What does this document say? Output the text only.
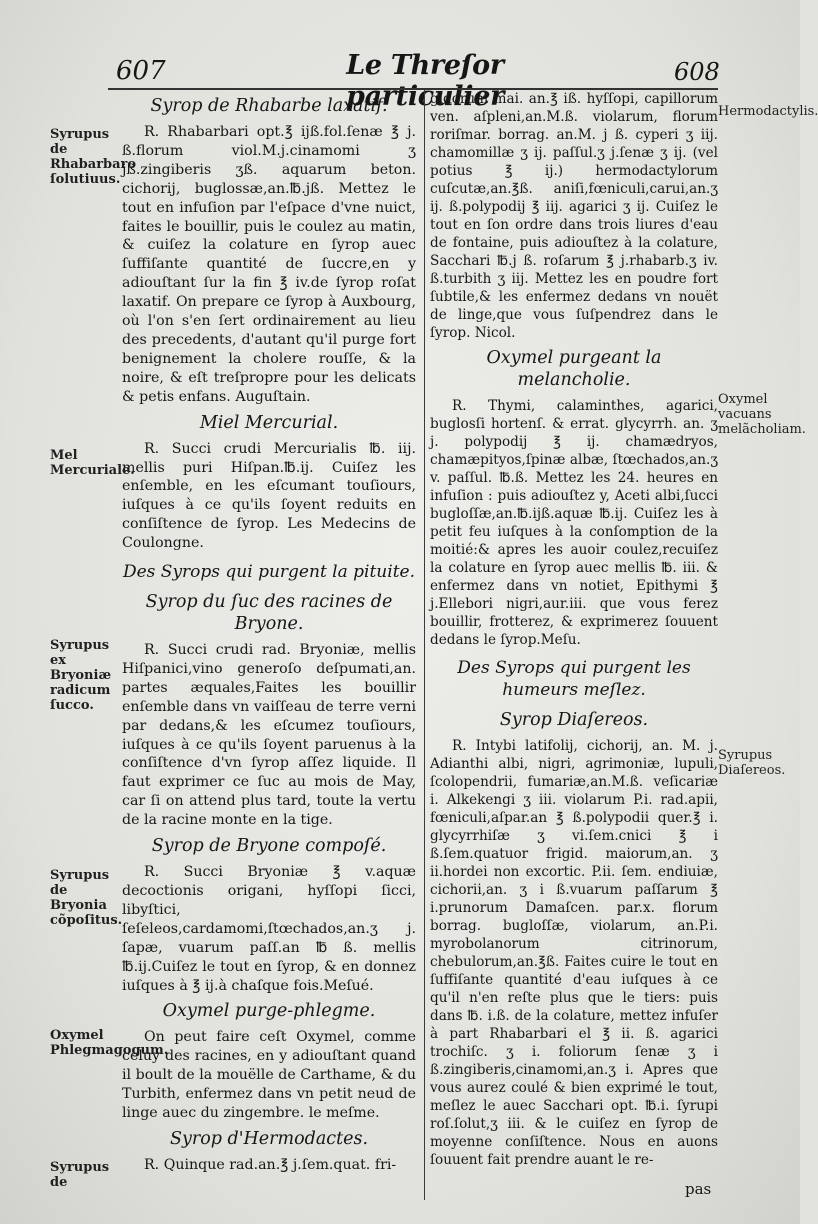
607	Le Threſor particulier
608
Syrop de Rhabarbe laxatif.

R. Rhabarbari opt.℥ ijß.fol.ſenæ ℥ j. ß.florum viol.M.j.cinamomi ʒ jß.zingiberis ʒß. aquarum beton. cichorij, buglossæ,an.℔.jß. Mettez le tout en infuſion par l'eſpace d'vne nuict, faites le bouillir, puis le coulez au matin, & cuiſez la colature en ſyrop auec ſuffiſante quantité de ſuccre,en y adiouſtant ſur la fin ℥ iv.de ſyrop roſat laxatif. On prepare ce ſyrop à Auxbourg, où l'on s'en ſert ordinairement au lieu des precedents, d'autant qu'il purge fort benignement la cholere rouſſe, & la noire, & eſt treſpropre pour les delicats & petis enfans. Auguſtain.

Miel Mercurial.

R. Succi crudi Mercurialis ℔. iij. mellis puri Hiſpan.℔.ij. Cuiſez les enſemble, en les eſcumant touſiours, iuſques à ce qu'ils ſoyent reduits en conſiſtence de ſyrop. Les Medecins de Coulongne.

Des Syrops qui purgent la pituite.
Syrop du ſuc des racines de Bryone.

R. Succi crudi rad. Bryoniæ, mellis Hiſpanici,vino generoſo deſpumati,an. partes æquales,Faites les bouillir enſemble dans vn vaiſſeau de terre verni par dedans,& les eſcumez touſiours, iuſques à ce qu'ils ſoyent paruenus à la conſiſtence d'vn ſyrop aſſez liquide. Il faut exprimer ce ſuc au mois de May, car ſi on attend plus tard, toute la vertu de la racine monte en la tige.

Syrop de Bryone compoſé.

R. Succi Bryoniæ ℥ v.aquæ decoctionis origani, hyſſopi ſicci, libyſtici, ſeſeleos,cardamomi,ſtœchados,an.ʒ j. ſapæ, vuarum paſſ.an ℔ ß. mellis ℔.ij.Cuiſez le tout en ſyrop, & en donnez iuſques à ℥ ij.à chaſque fois.Meſué.

Oxymel purge-phlegme.

On peut faire ceſt Oxymel, comme celuy des racines, en y adiouſtant quand il boult de la mouëlle de Carthame, & du Turbith, enfermez dans vn petit neud de linge auec du zingembre. le meſme.

Syrop d'Hermodactes.

R. Quinque rad.an.℥ j.ſem.quat. fri-

gidorum mai. an.℥ iß. hyſſopi, capillorum ven. aſpleni,an.M.ß. violarum, florum roriſmar. borrag. an.M. j ß. cyperi ʒ iij. chamomillæ ʒ ij. paſſul.ʒ j.ſenæ ʒ ij. (vel potius ℥ ij.) hermodactylorum cuſcutæ,an.℥ß. aniſi,fœniculi,carui,an.ʒ ij. ß.polypodij ℥ iij. agarici ʒ ij. Cuiſez le tout en ſon ordre dans trois liures d'eau de fontaine, puis adiouſtez à la colature, Sacchari ℔.j ß. roſarum ℥ j.rhabarb.ʒ iv. ß.turbith ʒ iij. Mettez les en poudre fort ſubtile,& les enfermez dedans vn nouët de linge,que vous ſuſpendrez dans le ſyrop. Nicol.

Oxymel purgeant la melancholie.

R. Thymi, calaminthes, agarici, buglosſi hortenſ. & errat. glycyrrh. an. ʒ j. polypodij ℥ ij. chamædryos, chamæpityos,ſpinæ albæ, ſtœchados,an.ʒ v. paſſul. ℔.ß. Mettez les 24. heures en infuſion : puis adiouſtez y, Aceti albi,ſucci bugloſſæ,an.℔.ijß.aquæ ℔.ij. Cuiſez les à petit feu iuſques à la conſomption de la moitié:& apres les auoir coulez,recuiſez la colature en ſyrop auec mellis ℔. iii. & enfermez dans vn notiet, Epithymi ℥ j.Ellebori nigri,aur.iii. que vous ferez bouillir, frotterez, & exprimerez ſouuent dedans le ſyrop.Meſu.

Des Syrops qui purgent les humeurs meſlez.
Syrop Diaſereos.

R. Intybi latifolij, cichorij, an. M. j. Adianthi albi, nigri, agrimoniæ, lupuli, ſcolopendrii, fumariæ,an.M.ß. veſicariæ i. Alkekengi ʒ iii. violarum P.i. rad.apii, fœniculi,aſpar.an ℥ ß.polypodii quer.℥ i. glycyrrhiſæ ʒ vi.ſem.cnici ℥ i ß.ſem.quatuor frigid. maiorum,an. ʒ ii.hordei non excortic. P.ii. ſem. endiuiæ, cichorii,an. ʒ i ß.vuarum paſſarum ℥ i.prunorum Damaſcen. par.x. florum borrag. bugloſſæ, violarum, an.P.i. myrobolanorum citrinorum, chebulorum,an.℥ß. Faites cuire le tout en ſuffiſante quantité d'eau iuſques à ce qu'il n'en reſte plus que le tiers: puis dans ℔. i.ß. de la colature, mettez infuſer à part Rhabarbari el ℥ ii. ß. agarici trochiſc. ʒ i. foliorum ſenæ ʒ i ß.zingiberis,cinamomi,an.ʒ i. Apres que vous aurez coulé & bien exprimé le tout, meſlez le auec Sacchari opt. ℔.i. ſyrupi roſ.ſolut,ʒ iii. & le cuiſez en ſyrop de moyenne conſiſtence. Nous en auons ſouuent fait prendre auant le re-

pas
Syrupus de Rhabarbaro ſolutiuus.
Mel Mercuriale.
Syrupus ex Bryoniæ radicum ſucco.
Syrupus de Bryonia cõpoſitus.
Oxymel Phlegmagogum.
Syrupus de
Hermodactylis.
Oxymel vacuans melãcholiam.
Syrupus Diaſereos.
